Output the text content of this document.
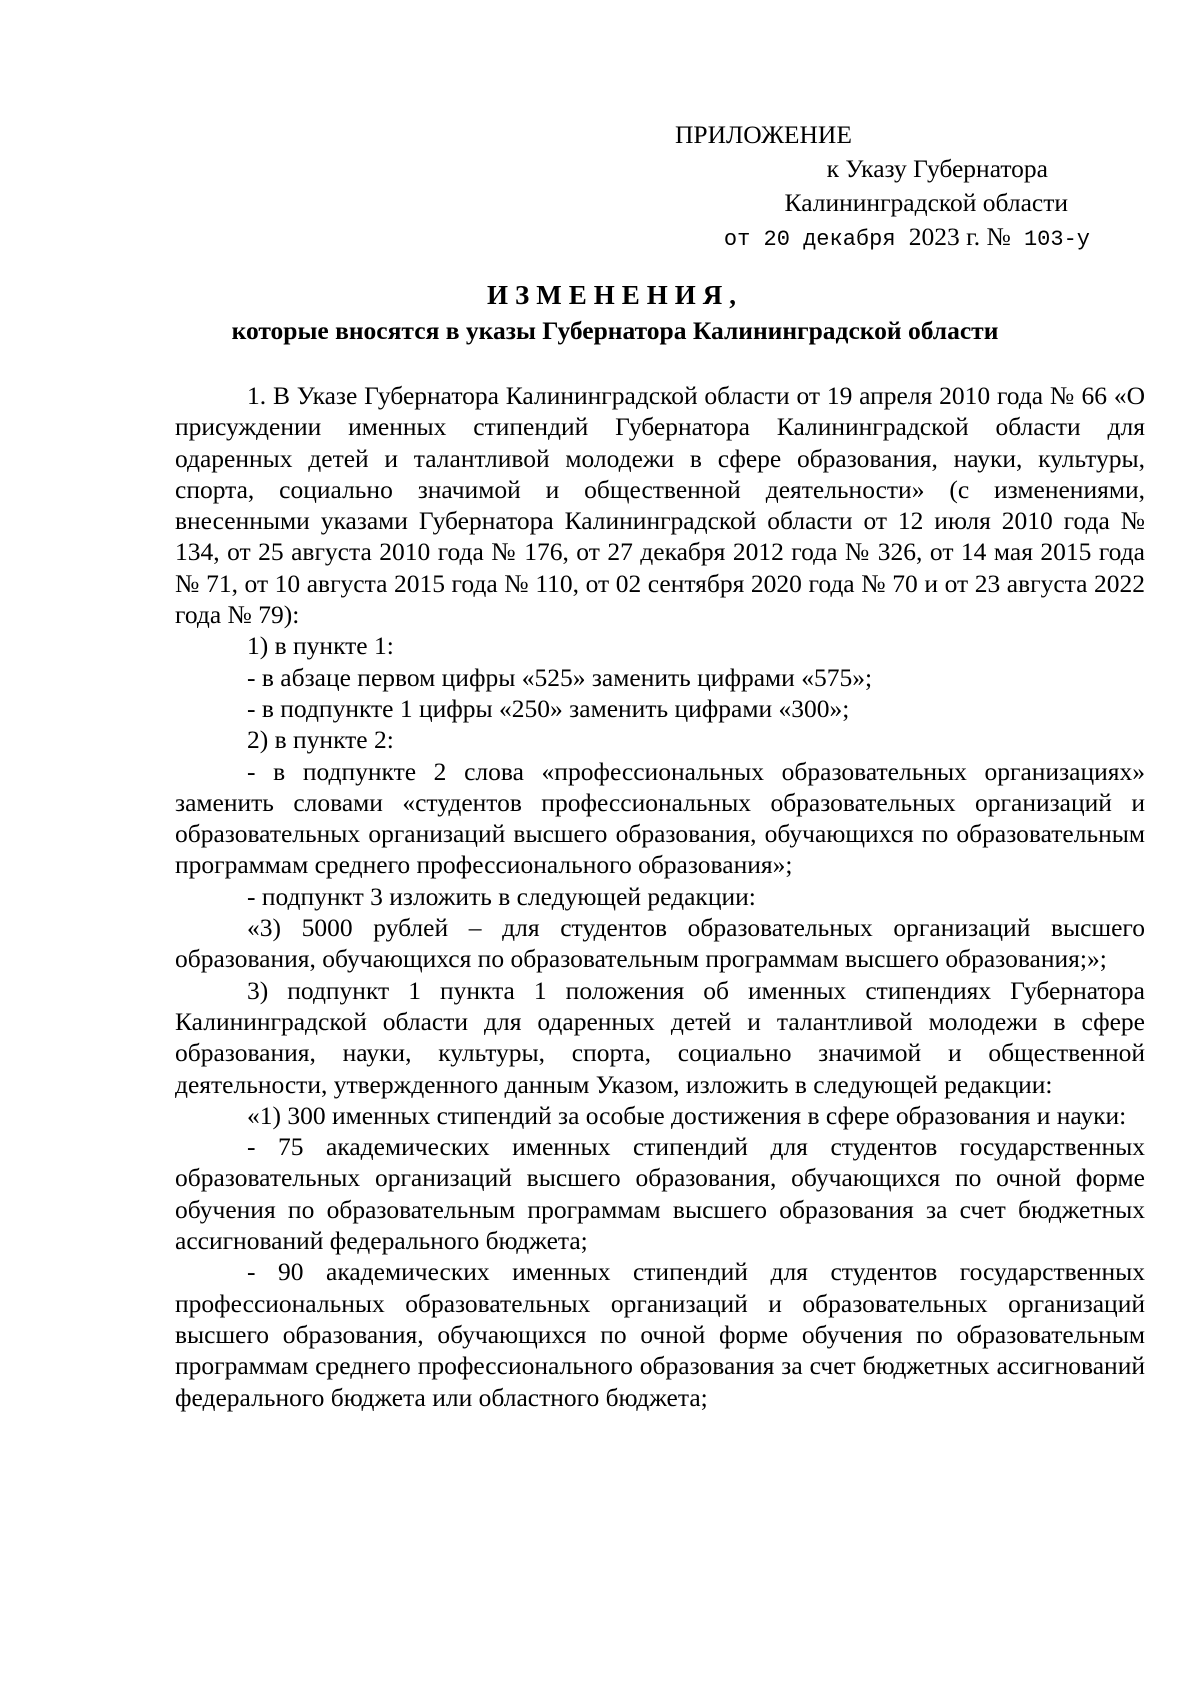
ПРИЛОЖЕНИЕ
к Указу Губернатора
Калининградской области
от 20 декабря 2023 г. № 103-у
ИЗМЕНЕНИЯ,
которые вносятся в указы Губернатора Калининградской области

1. В Указе Губернатора Калининградской области от 19 апреля 2010 года № 66 «О присуждении именных стипендий Губернатора Калининградской области для одаренных детей и талантливой молодежи в сфере образования, науки, культуры, спорта, социально значимой и общественной деятельности» (с изменениями, внесенными указами Губернатора Калининградской области от 12 июля 2010 года № 134, от 25 августа 2010 года № 176, от 27 декабря 2012 года № 326, от 14 мая 2015 года № 71, от 10 августа 2015 года № 110, от 02 сентября 2020 года № 70 и от 23 августа 2022 года № 79):

1) в пункте 1:

- в абзаце первом цифры «525» заменить цифрами «575»;

- в подпункте 1 цифры «250» заменить цифрами «300»;

2) в пункте 2:

- в подпункте 2 слова «профессиональных образовательных организациях» заменить словами «студентов профессиональных образовательных организаций и образовательных организаций высшего образования, обучающихся по образовательным программам среднего профессионального образования»;

- подпункт 3 изложить в следующей редакции:

«3) 5000 рублей – для студентов образовательных организаций высшего образования, обучающихся по образовательным программам высшего образования;»;

3) подпункт 1 пункта 1 положения об именных стипендиях Губернатора Калининградской области для одаренных детей и талантливой молодежи в сфере образования, науки, культуры, спорта, социально значимой и общественной деятельности, утвержденного данным Указом, изложить в следующей редакции:

«1) 300 именных стипендий за особые достижения в сфере образования и науки:

- 75 академических именных стипендий для студентов государственных образовательных организаций высшего образования, обучающихся по очной форме обучения по образовательным программам высшего образования за счет бюджетных ассигнований федерального бюджета;

- 90 академических именных стипендий для студентов государственных профессиональных образовательных организаций и образовательных организаций высшего образования, обучающихся по очной форме обучения по образовательным программам среднего профессионального образования за счет бюджетных ассигнований федерального бюджета или областного бюджета;
